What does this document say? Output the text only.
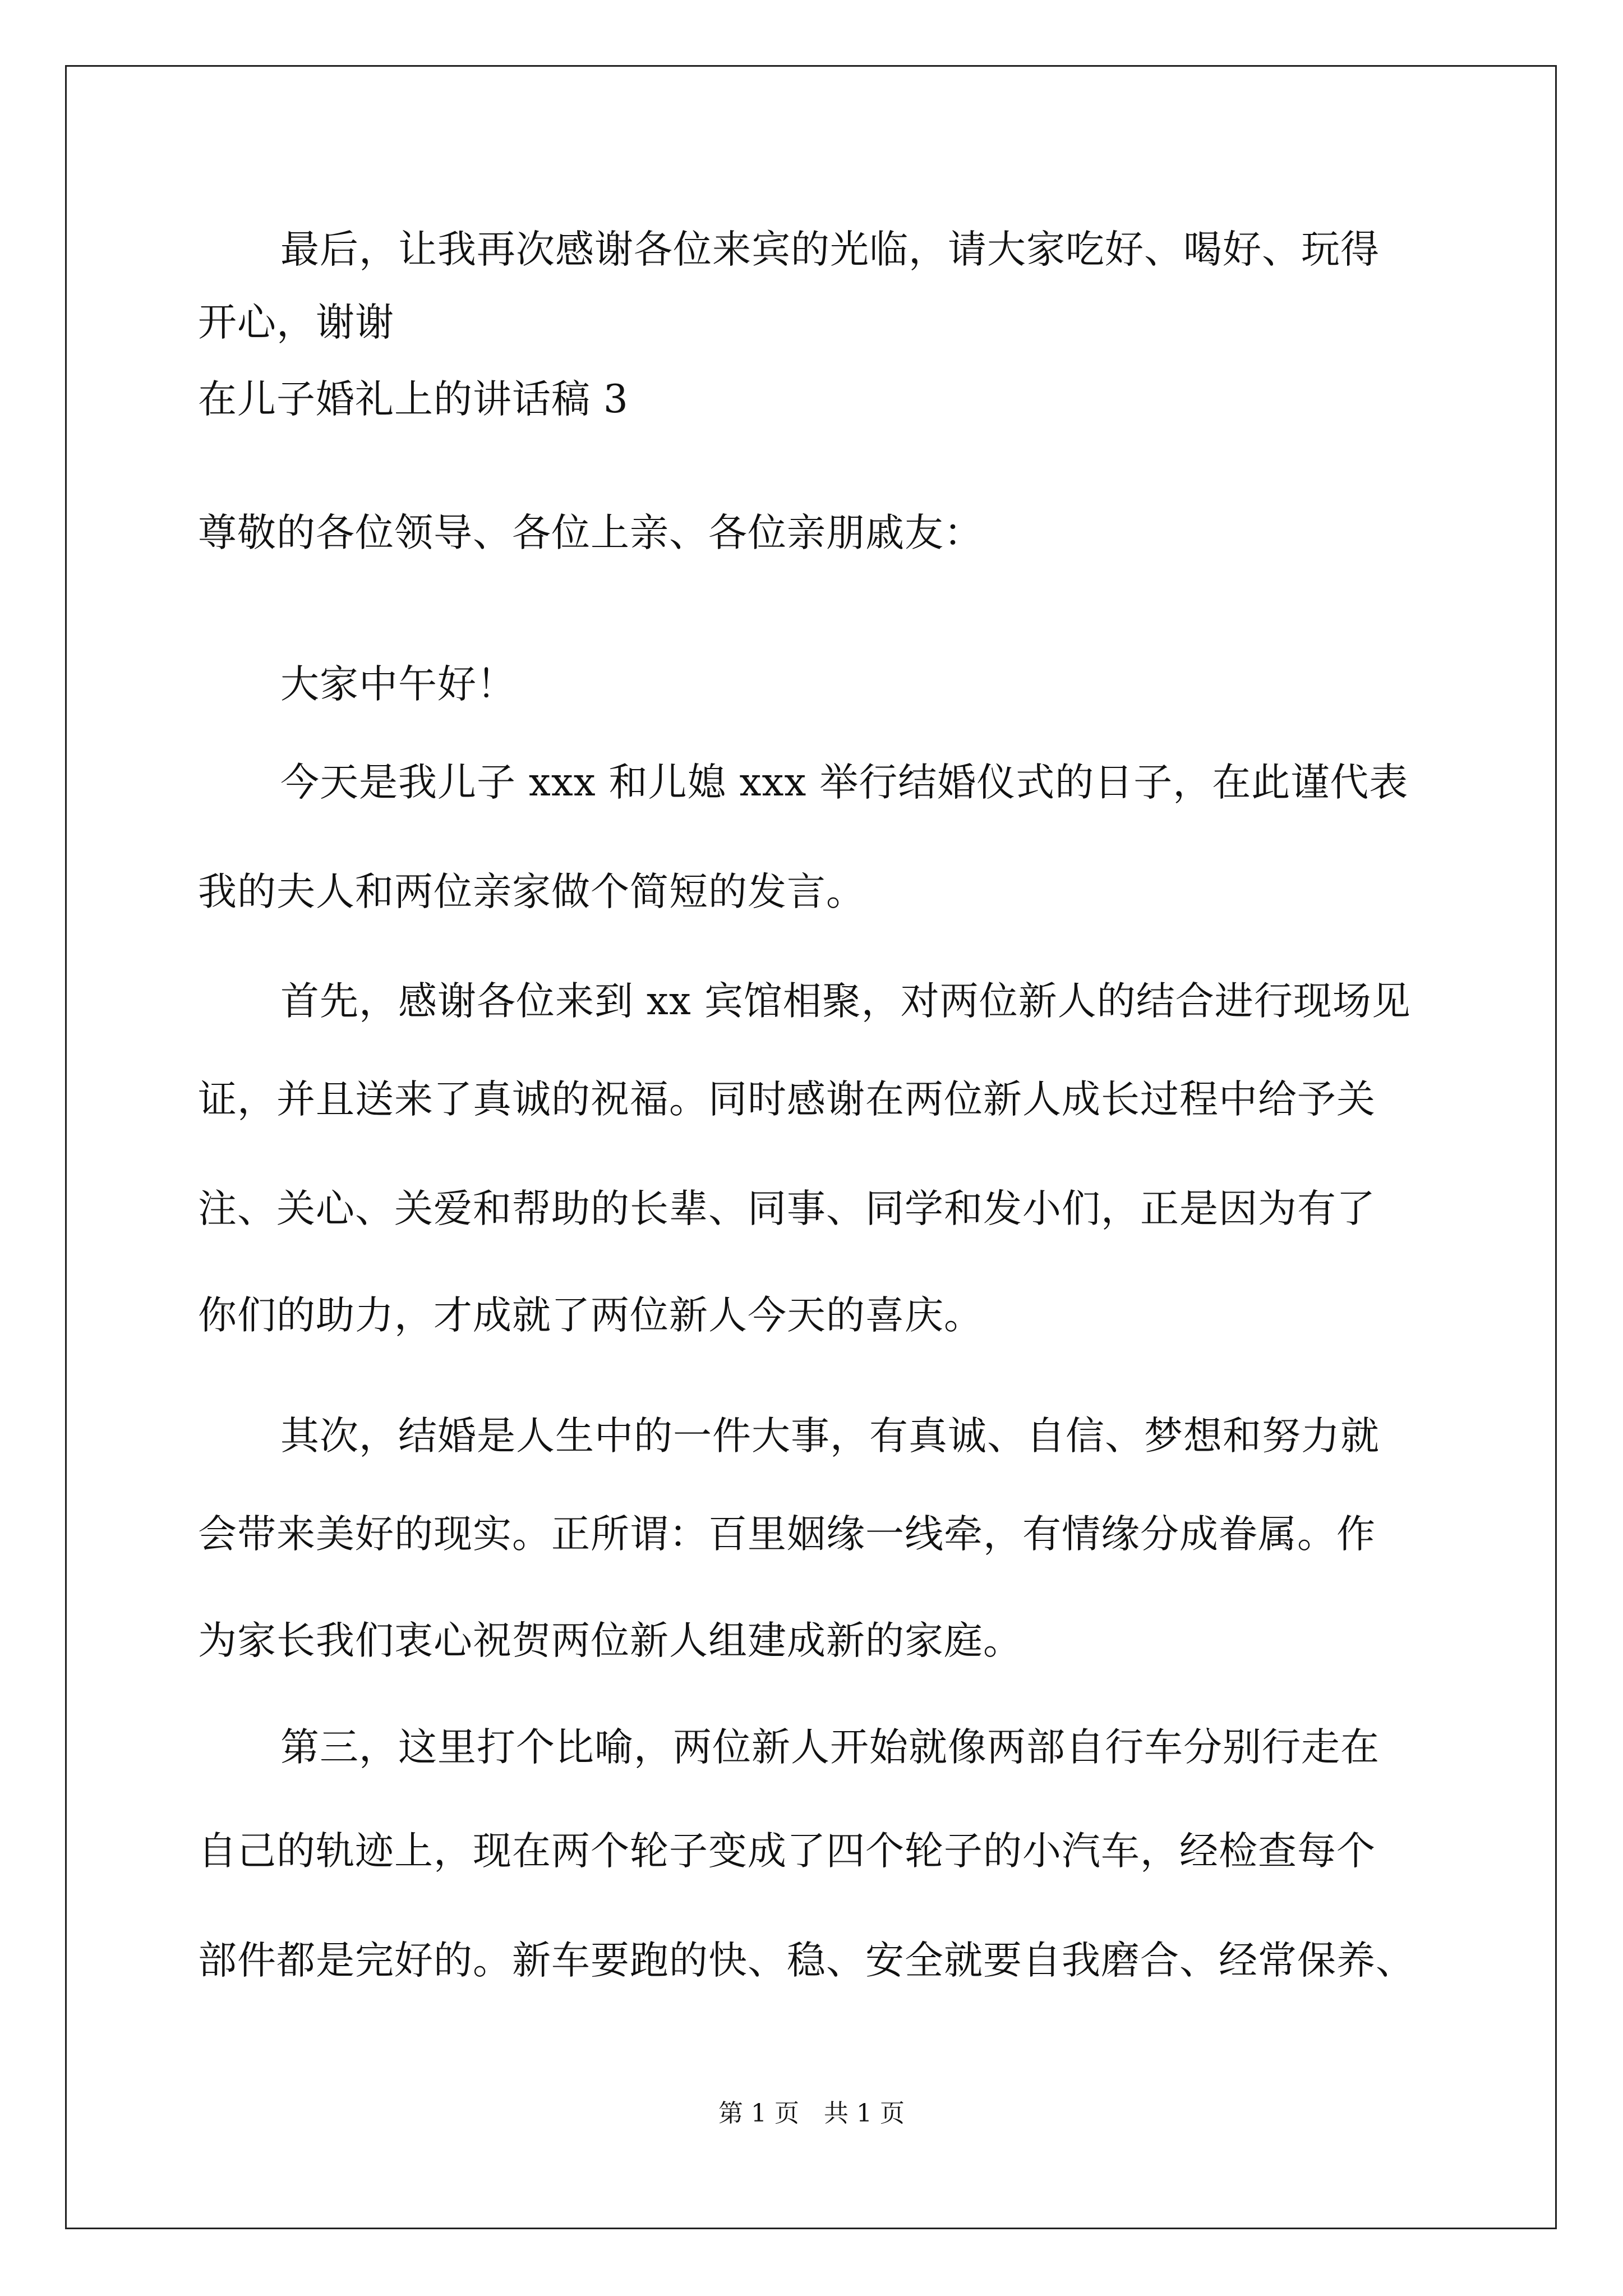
最后，让我再次感谢各位来宾的光临，请大家吃好、喝好、玩得
开心，谢谢
在儿子婚礼上的讲话稿 3
尊敬的各位领导、各位上亲、各位亲朋戚友：
大家中午好！
今天是我儿子 xxx 和儿媳 xxx 举行结婚仪式的日子，在此谨代表
我的夫人和两位亲家做个简短的发言。
首先，感谢各位来到 xx 宾馆相聚，对两位新人的结合进行现场见
证，并且送来了真诚的祝福。同时感谢在两位新人成长过程中给予关
注、关心、关爱和帮助的长辈、同事、同学和发小们，正是因为有了
你们的助力，才成就了两位新人今天的喜庆。
其次，结婚是人生中的一件大事，有真诚、自信、梦想和努力就
会带来美好的现实。正所谓：百里姻缘一线牵，有情缘分成眷属。作
为家长我们衷心祝贺两位新人组建成新的家庭。
第三，这里打个比喻，两位新人开始就像两部自行车分别行走在
自己的轨迹上，现在两个轮子变成了四个轮子的小汽车，经检查每个
部件都是完好的。新车要跑的快、稳、安全就要自我磨合、经常保养、
第 1 页　共 1 页
